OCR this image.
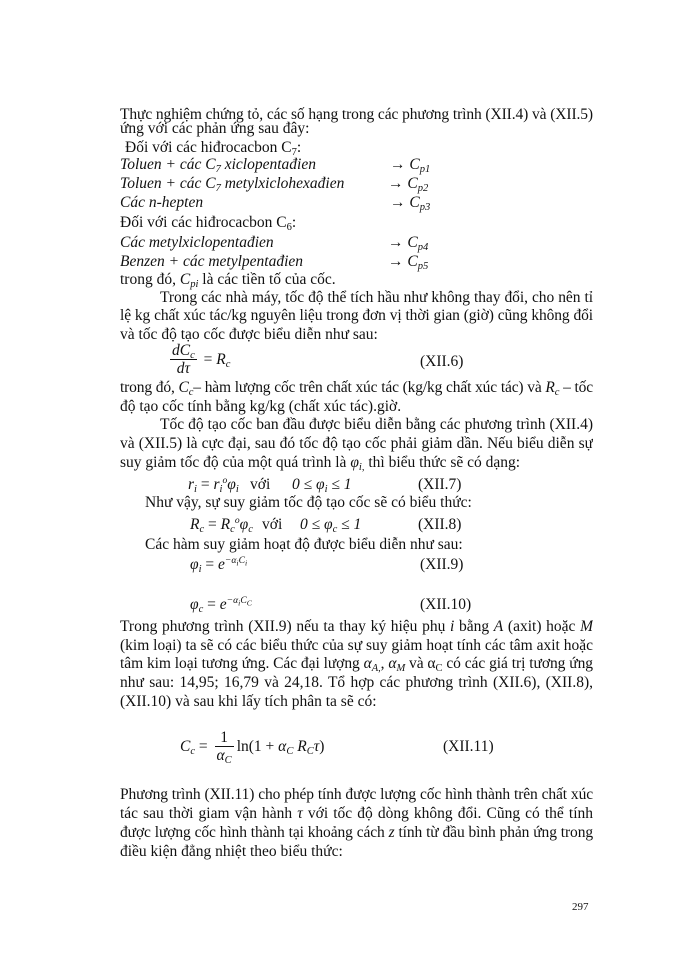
$\frac{dC_c}{d\tau} = R_c$
$C_c = \frac{1}{\alpha_C} \ln(1 + \alpha_C$ $R_C\tau$)
Thực nghiệm chứng tỏ, các số hạng trong các phương trình (XII.4) và (XII.5)
ứng với các phản ứng sau đây:
Đối với các hiđrocacbon $C_7$:
Toluen + các $C_7$ xiclopentađien	→ $C_{p1}$
Toluen + các $C_7$ metylxiclohexađien	→ $C_{p2}$
Các n-hepten	→ $C_{p3}$
Đối với các hiđrocacbon $C_6$:
Các metylxiclopentađien	→ $C_{p4}$
Benzen + các metylpentađien	→ $C_{p5}$
trong đó, $C_{pi}$ là các tiền tố của cốc.
Trong các nhà máy, tốc độ thể tích hầu như không thay đổi, cho nên tỉ
lệ kg chất xúc tác/kg nguyên liệu trong đơn vị thời gian (giờ) cũng không đổi
và tốc độ tạo cốc được biểu diễn như sau:
(XII.6)
trong đó, $C_c-$ hàm lượng cốc trên chất xúc tác (kg/kg chất xúc tác) và $R_c$ – tốc
độ tạo cốc tính bằng kg/kg (chất xúc tác).giờ.
Tốc độ tạo cốc ban đầu được biểu diễn bằng các phương trình (XII.4)
và (XII.5) là cực đại, sau đó tốc độ tạo cốc phải giảm dần. Nếu biểu diễn sự
suy giảm tốc độ của một quá trình là $\varphi_{i,}$ thì biểu thức sẽ có dạng:
$r_i = r_i^o\varphi_i$ với $0 \le \varphi_i \le 1$	(XII.7)
Như vậy, sự suy giảm tốc độ tạo cốc sẽ có biểu thức:
$R_c = R_c^o\varphi_c$ với $0 \le \varphi_c \le 1$	(XII.8)
Các hàm suy giảm hoạt độ được biểu diễn như sau:
$\varphi_i = e^{-\alpha iCi}$	(XII.9)
$\varphi_c = e^{-\alpha iCC}$	(XII.10)
Trong phương trình (XII.9) nếu ta thay ký hiệu phụ i bằng A (axit) hoặc M
(kim loại) ta sẽ có các biểu thức của sự suy giảm hoạt tính các tâm axit hoặc
tâm kim loại tương ứng. Các đại lượng $\alpha_{A,}$, $\alpha_M$ và $\alpha_C$ có các giá trị tương ứng
như sau: 14,95; 16,79 và 24,18. Tổ hợp các phương trình (XII.6), (XII.8),
(XII.10) và sau khi lấy tích phân ta sẽ có:
(XII.11)
Phương trình (XII.11) cho phép tính được lượng cốc hình thành trên chất xúc
tác sau thời giam vận hành τ với tốc độ dòng không đổi. Cũng có thể tính
được lượng cốc hình thành tại khoảng cách z tính từ đầu bình phản ứng trong
điều kiện đẳng nhiệt theo biểu thức:
297
